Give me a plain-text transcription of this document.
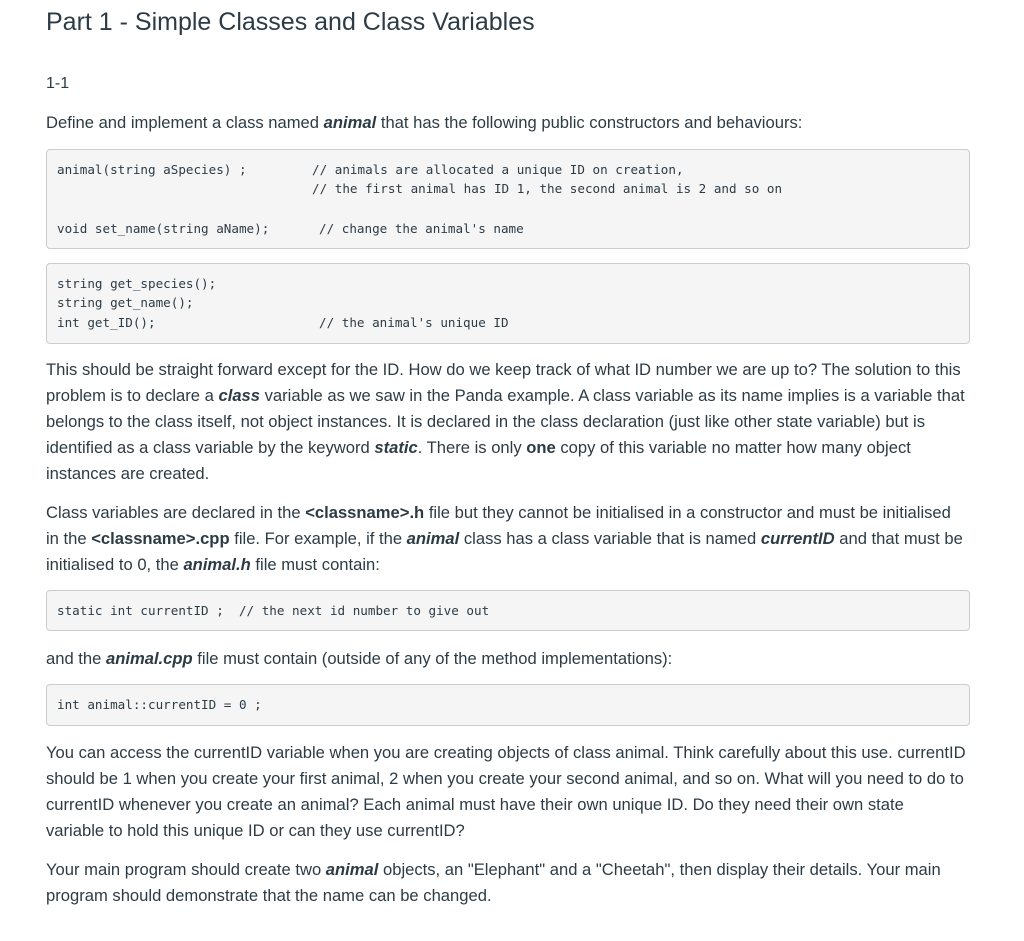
Part 1 - Simple Classes and Class Variables

1-1

Define and implement a class named animal that has the following public constructors and behaviours:

animal(string aSpecies) ;	// animals are allocated a unique ID on creation,
// the first animal has ID 1, the second animal is 2 and so on
void set_name(string aName);	// change the animal's name
string get_species();
string get_name();
int get_ID();	// the animal's unique ID

This should be straight forward except for the ID. How do we keep track of what ID number we are up to? The solution to this problem is to declare a class variable as we saw in the Panda example. A class variable as its name implies is a variable that belongs to the class itself, not object instances. It is declared in the class declaration (just like other state variable) but is identified as a class variable by the keyword static. There is only one copy of this variable no matter how many object instances are created.

Class variables are declared in the <classname>.h file but they cannot be initialised in a constructor and must be initialised in the <classname>.cpp file. For example, if the animal class has a class variable that is named currentID and that must be initialised to 0, the animal.h file must contain:

static int currentID ;  // the next id number to give out

and the animal.cpp file must contain (outside of any of the method implementations):

int animal::currentID = 0 ;

You can access the currentID variable when you are creating objects of class animal. Think carefully about this use. currentID should be 1 when you create your first animal, 2 when you create your second animal, and so on. What will you need to do to currentID whenever you create an animal? Each animal must have their own unique ID. Do they need their own state variable to hold this unique ID or can they use currentID?

Your main program should create two animal objects, an "Elephant" and a "Cheetah", then display their details. Your main program should demonstrate that the name can be changed.
